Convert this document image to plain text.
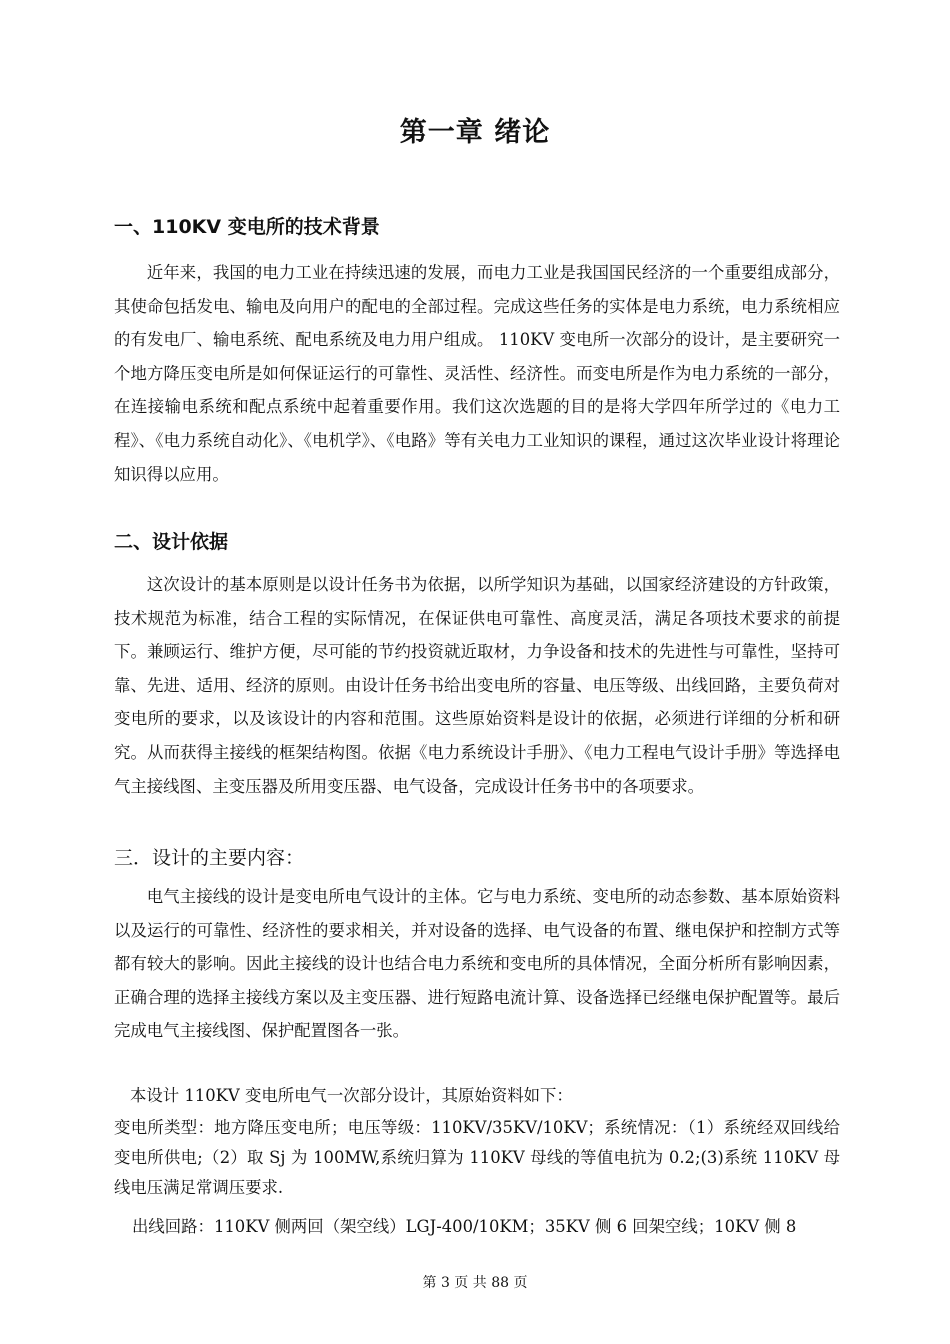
第一章 绪论
一、110KV 变电所的技术背景

近年来，我国的电力工业在持续迅速的发展，而电力工业是我国国民经济的一个重要组成部分，其使命包括发电、输电及向用户的配电的全部过程。完成这些任务的实体是电力系统，电力系统相应的有发电厂、输电系统、配电系统及电力用户组成。 110KV 变电所一次部分的设计，是主要研究一个地方降压变电所是如何保证运行的可靠性、灵活性、经济性。而变电所是作为电力系统的一部分，在连接输电系统和配点系统中起着重要作用。我们这次选题的目的是将大学四年所学过的《电力工程》、《电力系统自动化》、《电机学》、《电路》等有关电力工业知识的课程，通过这次毕业设计将理论知识得以应用。

二、设计依据

这次设计的基本原则是以设计任务书为依据，以所学知识为基础，以国家经济建设的方针政策，技术规范为标准，结合工程的实际情况，在保证供电可靠性、高度灵活，满足各项技术要求的前提下。兼顾运行、维护方便，尽可能的节约投资就近取材，力争设备和技术的先进性与可靠性，坚持可靠、先进、适用、经济的原则。由设计任务书给出变电所的容量、电压等级、出线回路，主要负荷对变电所的要求，以及该设计的内容和范围。这些原始资料是设计的依据，必须进行详细的分析和研究。从而获得主接线的框架结构图。依据《电力系统设计手册》、《电力工程电气设计手册》等选择电气主接线图、主变压器及所用变压器、电气设备，完成设计任务书中的各项要求。

三．设计的主要内容：

电气主接线的设计是变电所电气设计的主体。它与电力系统、变电所的动态参数、基本原始资料以及运行的可靠性、经济性的要求相关，并对设备的选择、电气设备的布置、继电保护和控制方式等都有较大的影响。因此主接线的设计也结合电力系统和变电所的具体情况，全面分析所有影响因素，正确合理的选择主接线方案以及主变压器、进行短路电流计算、设备选择已经继电保护配置等。最后完成电气主接线图、保护配置图各一张。

本设计 110KV 变电所电气一次部分设计，其原始资料如下：

变电所类型：地方降压变电所；电压等级：110KV/35KV/10KV；系统情况：（1）系统经双回线给变电所供电;（2）取 Sj 为 100MW,系统归算为 110KV 母线的等值电抗为 0.2;(3)系统 110KV 母线电压满足常调压要求.

出线回路：110KV 侧两回（架空线）LGJ-400/10KM；35KV 侧 6 回架空线；10KV 侧 8

第 3 页 共 88 页
